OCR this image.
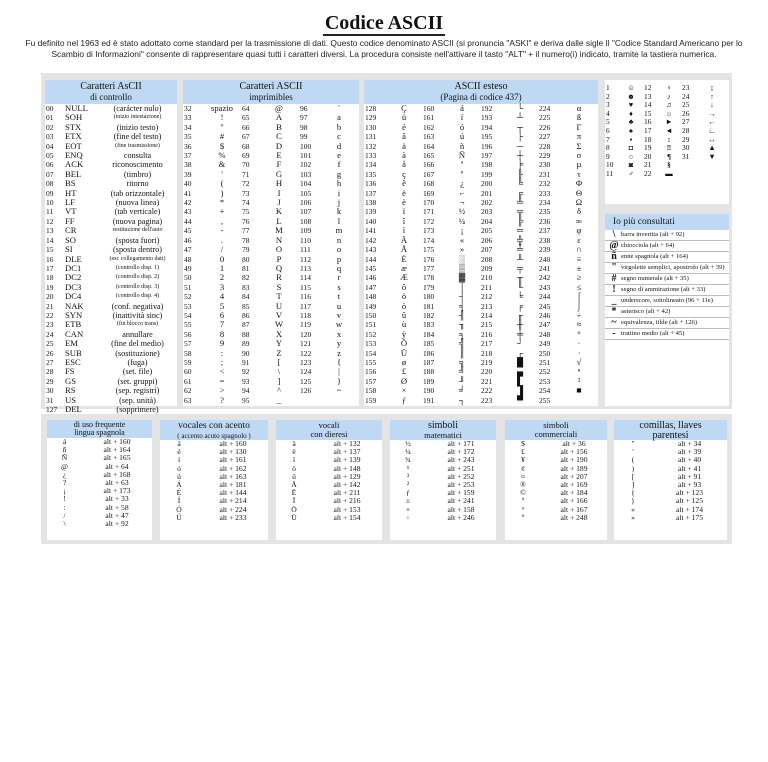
Codice ASCII
Fu definito nel 1963 ed è stato adottato come standard per la trasmissione di dati. Questo codice denominato ASCII (si pronuncia "ASKI" e deriva dalle sigle Il "Codice Standard Americano per lo Scambio di Informazioni" consente di rappresentare quasi tutti i caratteri diversi. La procedura consiste nell'attivare il tasto "ALT" + il numero(i) indicato, tramite la tastiera numerica.
Caratteri AsCII
di controllo
00	NULL	(carácter nulo)
01	SOH	(inizio intestazione)
02	STX	(inizio testo)
03	ETX	(fine del testo)
04	EOT	(fine trasmissione)
05	ENQ	consulta
06	ACK	riconoscimento
07	BEL	(timbro)
08	BS	ritorno
09	HT	(tab orizzontale)
10	LF	(nuova linea)
11	VT	(tab verticale)
12	FF	(nuova pagina)
13	CR	restituzione dell'auto
14	SO	(sposta fuori)
15	SI	(sposta dentro)
16	DLE	(esc collegamento dati)
17	DC1	(controllo disp. 1)
18	DC2	(controllo disp. 2)
19	DC3	(controllo disp. 3)
20	DC4	(controllo disp. 4)
21	NAK	(conf. negativa)
22	SYN	(inattività sinc)
23	ETB	(fin blocco trans)
24	CAN	annullare
25	EM	(fine del medio)
26	SUB	(sostituzione)
27	ESC	(fuga)
28	FS	(set. file)
29	GS	(set. gruppi)
30	RS	(sep. registri)
31	US	(sep. unità)
127	DEL	(sopprimere)
Caratteri ASCII
imprimibles
32	spazio	64	@	96	`
33	!	65	A	97	a
34	"	66	B	98	b
35	#	67	C	99	c
36	$	68	D	100	d
37	%	69	E	101	e
38	&	70	F	102	f
39	'	71	G	103	g
40	(	72	H	104	h
41	)	73	I	105	i
42	*	74	J	106	j
43	+	75	K	107	k
44	,	76	L	108	l
45	-	77	M	109	m
46	.	78	N	110	n
47	/	79	O	111	o
48	0	80	P	112	p
49	1	81	Q	113	q
50	2	82	R	114	r
51	3	83	S	115	s
52	4	84	T	116	t
53	5	85	U	117	u
54	6	86	V	118	v
55	7	87	W	119	w
56	8	88	X	120	x
57	9	89	Y	121	y
58	:	90	Z	122	z
59	;	91	[	123	{
60	<	92	\	124	|
61	=	93	]	125	}
62	>	94	^	126	~
63	?	95	_		
ASCII esteso
(Pagina di codice 437)
128	Ç	160	á	192	└	224	α
129	ü	161	í	193	┴	225	ß
130	é	162	ó	194	┬	226	Γ
131	â	163	ú	195	├	227	π
132	ä	164	ñ	196	─	228	Σ
133	à	165	Ñ	197	┼	229	σ
134	å	166	ª	198	╞	230	µ
135	ç	167	º	199	╟	231	τ
136	ê	168	¿	200	╚	232	Φ
137	ë	169	⌐	201	╔	233	Θ
138	è	170	¬	202	╩	234	Ω
139	ï	171	½	203	╦	235	δ
140	î	172	¼	204	╠	236	∞
141	ì	173	¡	205	═	237	φ
142	Ä	174	«	206	╬	238	ε
143	Å	175	»	207	╧	239	∩
144	É	176	░	208	╨	240	≡
145	æ	177	▒	209	╤	241	±
146	Æ	178	▓	210	╥	242	≥
147	ô	179	│	211	╙	243	≤
148	ö	180	┤	212	╘	244	⌠
149	ò	181	╡	213	╒	245	⌡
150	û	182	╢	214	╓	246	÷
151	ù	183	╖	215	╫	247	≈
152	ÿ	184	╕	216	╪	248	°
153	Ö	185	╣	217	┘	249	∙
154	Ü	186	║	218	┌	250	·
155	ø	187	╗	219	█	251	√
156	£	188	╝	220	▄	252	ⁿ
157	Ø	189	╜	221	▌	253	²
158	×	190	╛	222	▐	254	■
159	ƒ	191	┐	223	▀	255	
1	☺	12	♀	23	↨
2	☻	13	♪	24	↑
3	♥	14	♫	25	↓
4	♦	15	☼	26	→
5	♣	16	►	27	←
6	♠	17	◄	28	∟
7	•	18	↕	29	↔
8	◘	19	‼	30	▲
9	○	20	¶	31	▼
10	◙	21	§		
11	♂	22	▬		
Io più consultati
\ barra invertita (alt + 92)
@ chiocciola (alt + 64)
ñ enne spagnola (alt + 164)
" virgolette semplici, apostrofo (alt + 39)
# segno numerale (alt + 35)
! segno di ammirazione (alt + 33)
_ underscore, sottolineato (96 + 11e)
* asterisco (alt + 42)
~ equivalenza, tilde (alt + 126)
- trattino medio (alt + 45)
di uso frequente
lingua spagnola
á	alt + 160
ñ	alt + 164
Ñ	alt + 165
@	alt + 64
¿	alt + 168
?	alt + 63
¡	alt + 173
!	alt + 33
:	alt + 58
/	alt + 47
\	alt + 92
vocales con acento
( accento acuto spagnolo )
á	alt + 160
é	alt + 130
í	alt + 161
ó	alt + 162
ú	alt + 163
Á	alt + 181
É	alt + 144
Í	alt + 214
Ó	alt + 224
Ú	alt + 233
vocali
con dieresi
ä	alt + 132
ë	alt + 137
ï	alt + 139
ö	alt + 148
ü	alt + 129
Ä	alt + 142
Ë	alt + 211
Ï	alt + 216
Ö	alt + 153
Ü	alt + 154
simboli
matematici
½	alt + 171
¼	alt + 172
¾	alt + 243
¹	alt + 251
³	alt + 252
²	alt + 253
ƒ	alt + 159
±	alt + 241
×	alt + 158
÷	alt + 246
simboli
commerciali
$	alt + 36
£	alt + 156
¥	alt + 190
¢	alt + 189
¤	alt + 207
®	alt + 169
©	alt + 184
ª	alt + 166
°	alt + 167
º	alt + 248
comillas, llaves
parentesi
"	alt + 34
'	alt + 39
(	alt + 40
)	alt + 41
[	alt + 91
]	alt + 93
{	alt + 123
}	alt + 125
«	alt + 174
»	alt + 175
